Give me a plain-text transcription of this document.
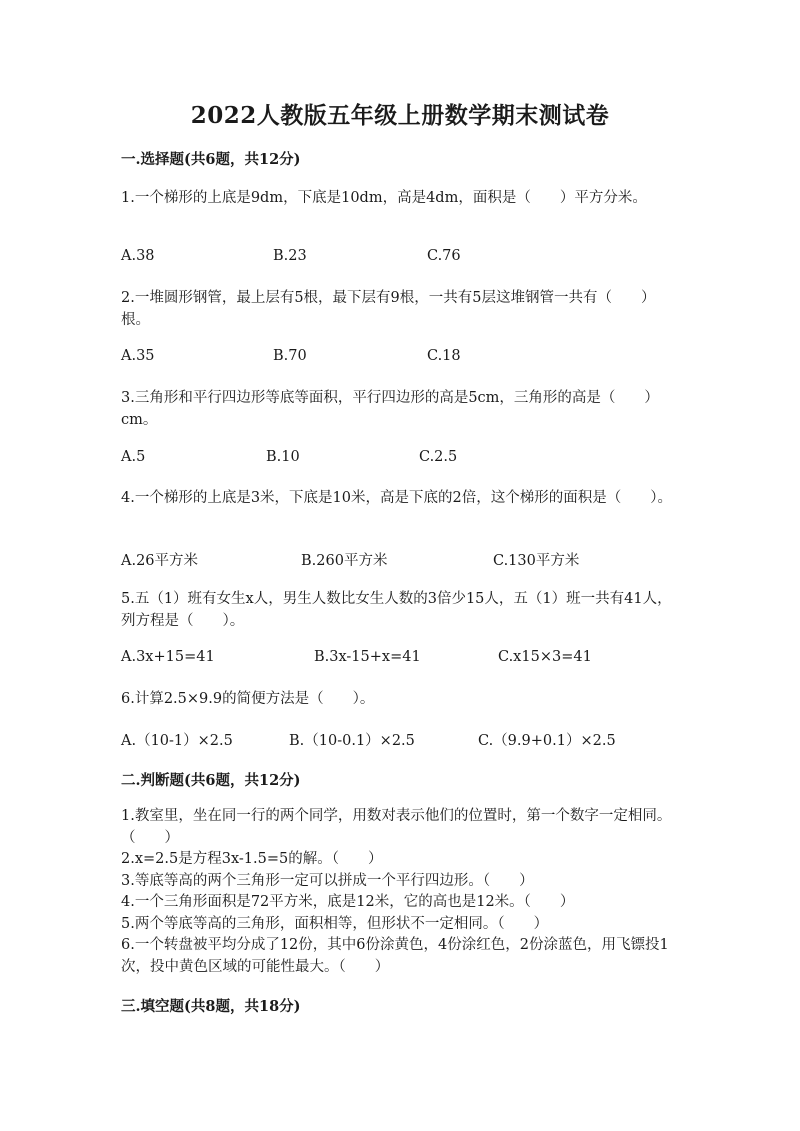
2022人教版五年级上册数学期末测试卷
一.选择题(共6题，共12分)
1.一个梯形的上底是9dm，下底是10dm，高是4dm，面积是（　　）平方分米。
A.38	B.23	C.76
2.一堆圆形钢管，最上层有5根，最下层有9根，一共有5层这堆钢管一共有（　　）根。
A.35	B.70	C.18
3.三角形和平行四边形等底等面积，平行四边形的高是5cm，三角形的高是（　　）cm。
A.5	B.10	C.2.5
4.一个梯形的上底是3米，下底是10米，高是下底的2倍，这个梯形的面积是（　　）。
A.26平方米	B.260平方米	C.130平方米
5.五（1）班有女生x人，男生人数比女生人数的3倍少15人，五（1）班一共有41人，列方程是（　　）。
A.3x+15=41	B.3x-15+x=41	C.x15×3=41
6.计算2.5×9.9的简便方法是（　　）。
A.（10-1）×2.5	B.（10-0.1）×2.5	C.（9.9+0.1）×2.5
二.判断题(共6题，共12分)
1.教室里，坐在同一行的两个同学，用数对表示他们的位置时，第一个数字一定相同。（　　）
2.x=2.5是方程3x-1.5=5的解。（　　）
3.等底等高的两个三角形一定可以拼成一个平行四边形。（　　）
4.一个三角形面积是72平方米，底是12米，它的高也是12米。（　　）
5.两个等底等高的三角形，面积相等，但形状不一定相同。（　　）
6.一个转盘被平均分成了12份，其中6份涂黄色，4份涂红色，2份涂蓝色，用飞镖投1次，投中黄色区域的可能性最大。（　　）
三.填空题(共8题，共18分)
